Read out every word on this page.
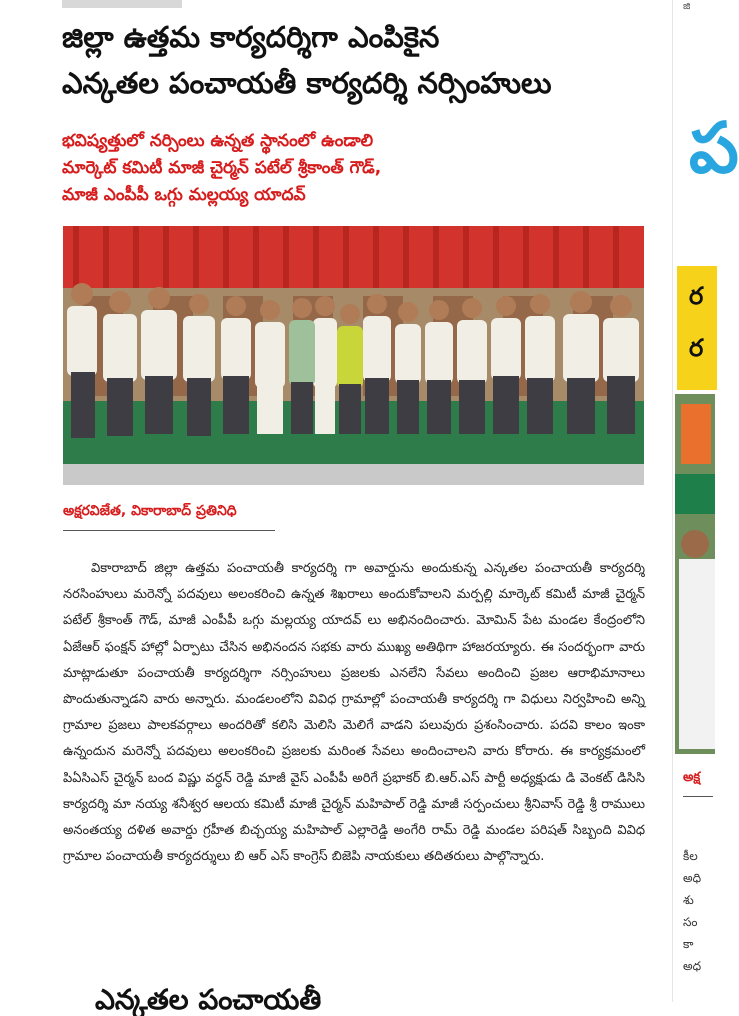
జిల్లా ఉత్తమ కార్యదర్శిగా ఎంపికైన
ఎన్కతల పంచాయతీ కార్యదర్శి నర్సింహులు
భవిష్యత్తులో నర్సింలు ఉన్నత స్థానంలో ఉండాలి
మార్కెట్ కమిటీ మాజీ చైర్మన్ పటేల్ శ్రీకాంత్ గౌడ్,
మాజీ ఎంపీపీ ఒగ్గు మల్లయ్య యాదవ్

అక్షరవిజేత, వికారాబాద్ ప్రతినిధి

వికారాబాద్ జిల్లా ఉత్తమ పంచాయతీ కార్యదర్శి గా అవార్డును అందుకున్న ఎన్కతల పంచాయతీ కార్యదర్శి నరసింహులు మరెన్నో పదవులు అలంకరించి ఉన్నత శిఖరాలు అందుకోవాలని మర్పల్లి మార్కెట్ కమిటీ మాజీ చైర్మన్ పటేల్ శ్రీకాంత్ గౌడ్, మాజీ ఎంపీపీ ఒగ్గు మల్లయ్య యాదవ్ లు అభినందించారు. మోమిన్ పేట మండల కేంద్రంలోని ఏజేఆర్ ఫంక్షన్ హాల్లో ఏర్పాటు చేసిన అభినందన సభకు వారు ముఖ్య అతిథిగా హాజరయ్యారు. ఈ సందర్భంగా వారు మాట్లాడుతూ పంచాయతీ కార్యదర్శిగా నర్సింహులు ప్రజలకు ఎనలేని సేవలు అందించి ప్రజల ఆరాభిమానాలు పొందుతున్నాడని వారు అన్నారు. మండలంలోని వివిధ గ్రామాల్లో పంచాయతీ కార్యదర్శి గా విధులు నిర్వహించి అన్ని గ్రామాల ప్రజలు పాలకవర్గాలు అందరితో కలిసి మెలిసి మెలిగే వాడని పలువురు ప్రశంసించారు. పదవి కాలం ఇంకా ఉన్నందున మరెన్నో పదవులు అలంకరించి ప్రజలకు మరింత సేవలు అందించాలని వారు కోరారు. ఈ కార్యక్రమంలో పిఏసిఎస్ చైర్మన్ బంద విష్ణు వర్ధన్ రెడ్డి మాజీ వైస్ ఎంపీపీ అరిగే ప్రభాకర్ బి.ఆర్.ఎస్ పార్టీ అధ్యక్షుడు డి వెంకట్ డిసిసి కార్యదర్శి మా నయ్య శనీశ్వర ఆలయ కమిటీ మాజీ చైర్మన్ మహిపాల్ రెడ్డి మాజీ సర్పంచులు శ్రీనివాస్ రెడ్డి శ్రీ రాములు అనంతయ్య దళిత అవార్డు గ్రహీత బిచ్చయ్య మహిపాల్ ఎల్లారెడ్డి అంగేరి రామ్ రెడ్డి మండల పరిషత్ సిబ్బంది వివిధ గ్రామాల పంచాయతీ కార్యదర్శులు బి ఆర్ ఎస్ కాంగ్రెస్ బిజెపి నాయకులు తదితరులు పాల్గొన్నారు.

ఎన్కతల పంచాయతీ
జి
ప
ర
ర
అక్ష
కీల
అధి
శు
సం
కా
అధ
